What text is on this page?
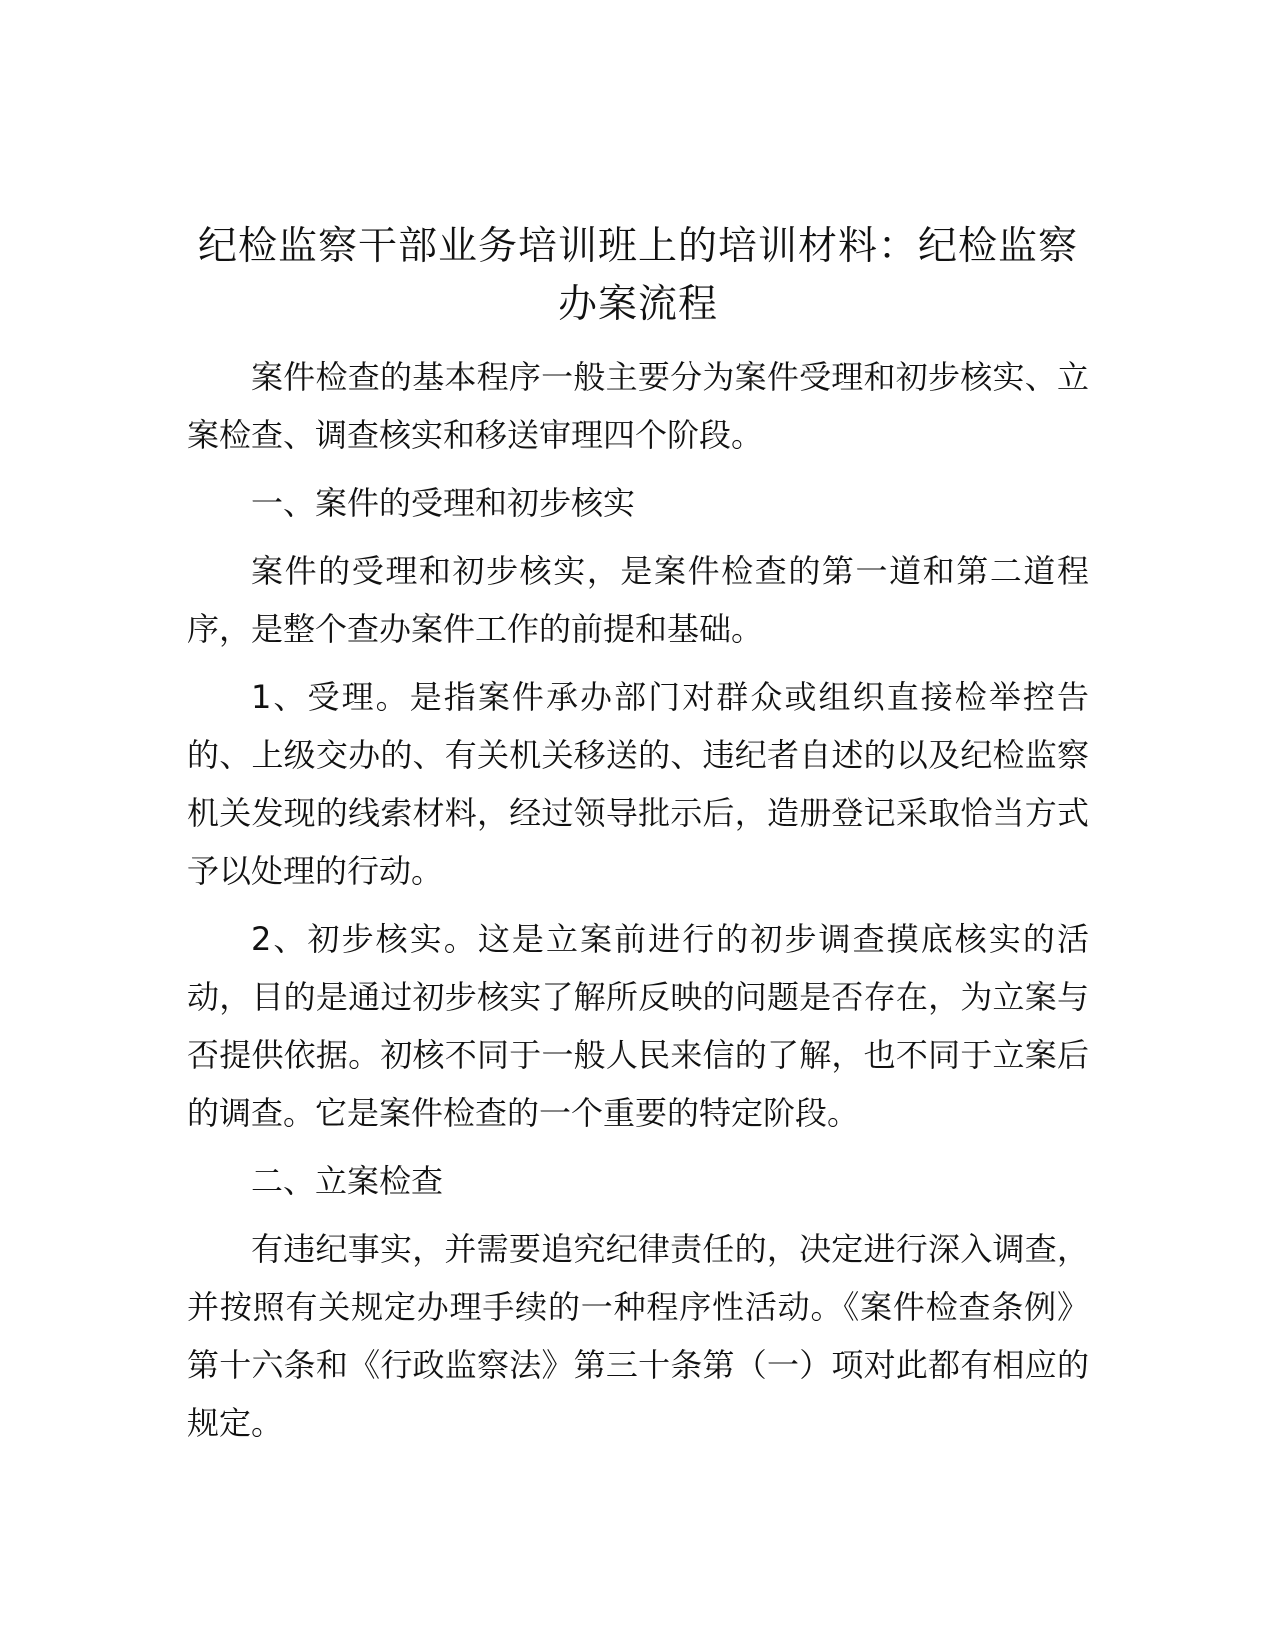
纪检监察干部业务培训班上的培训材料：纪检监察办案流程

案件检查的基本程序一般主要分为案件受理和初步核实、立案检查、调查核实和移送审理四个阶段。

一、案件的受理和初步核实

案件的受理和初步核实，是案件检查的第一道和第二道程序，是整个查办案件工作的前提和基础。

1、受理。是指案件承办部门对群众或组织直接检举控告的、上级交办的、有关机关移送的、违纪者自述的以及纪检监察机关发现的线索材料，经过领导批示后，造册登记采取恰当方式予以处理的行动。

2、初步核实。这是立案前进行的初步调查摸底核实的活动，目的是通过初步核实了解所反映的问题是否存在，为立案与否提供依据。初核不同于一般人民来信的了解，也不同于立案后的调查。它是案件检查的一个重要的特定阶段。

二、立案检查

有违纪事实，并需要追究纪律责任的，决定进行深入调查，并按照有关规定办理手续的一种程序性活动。《案件检查条例》第十六条和《行政监察法》第三十条第（一）项对此都有相应的规定。
